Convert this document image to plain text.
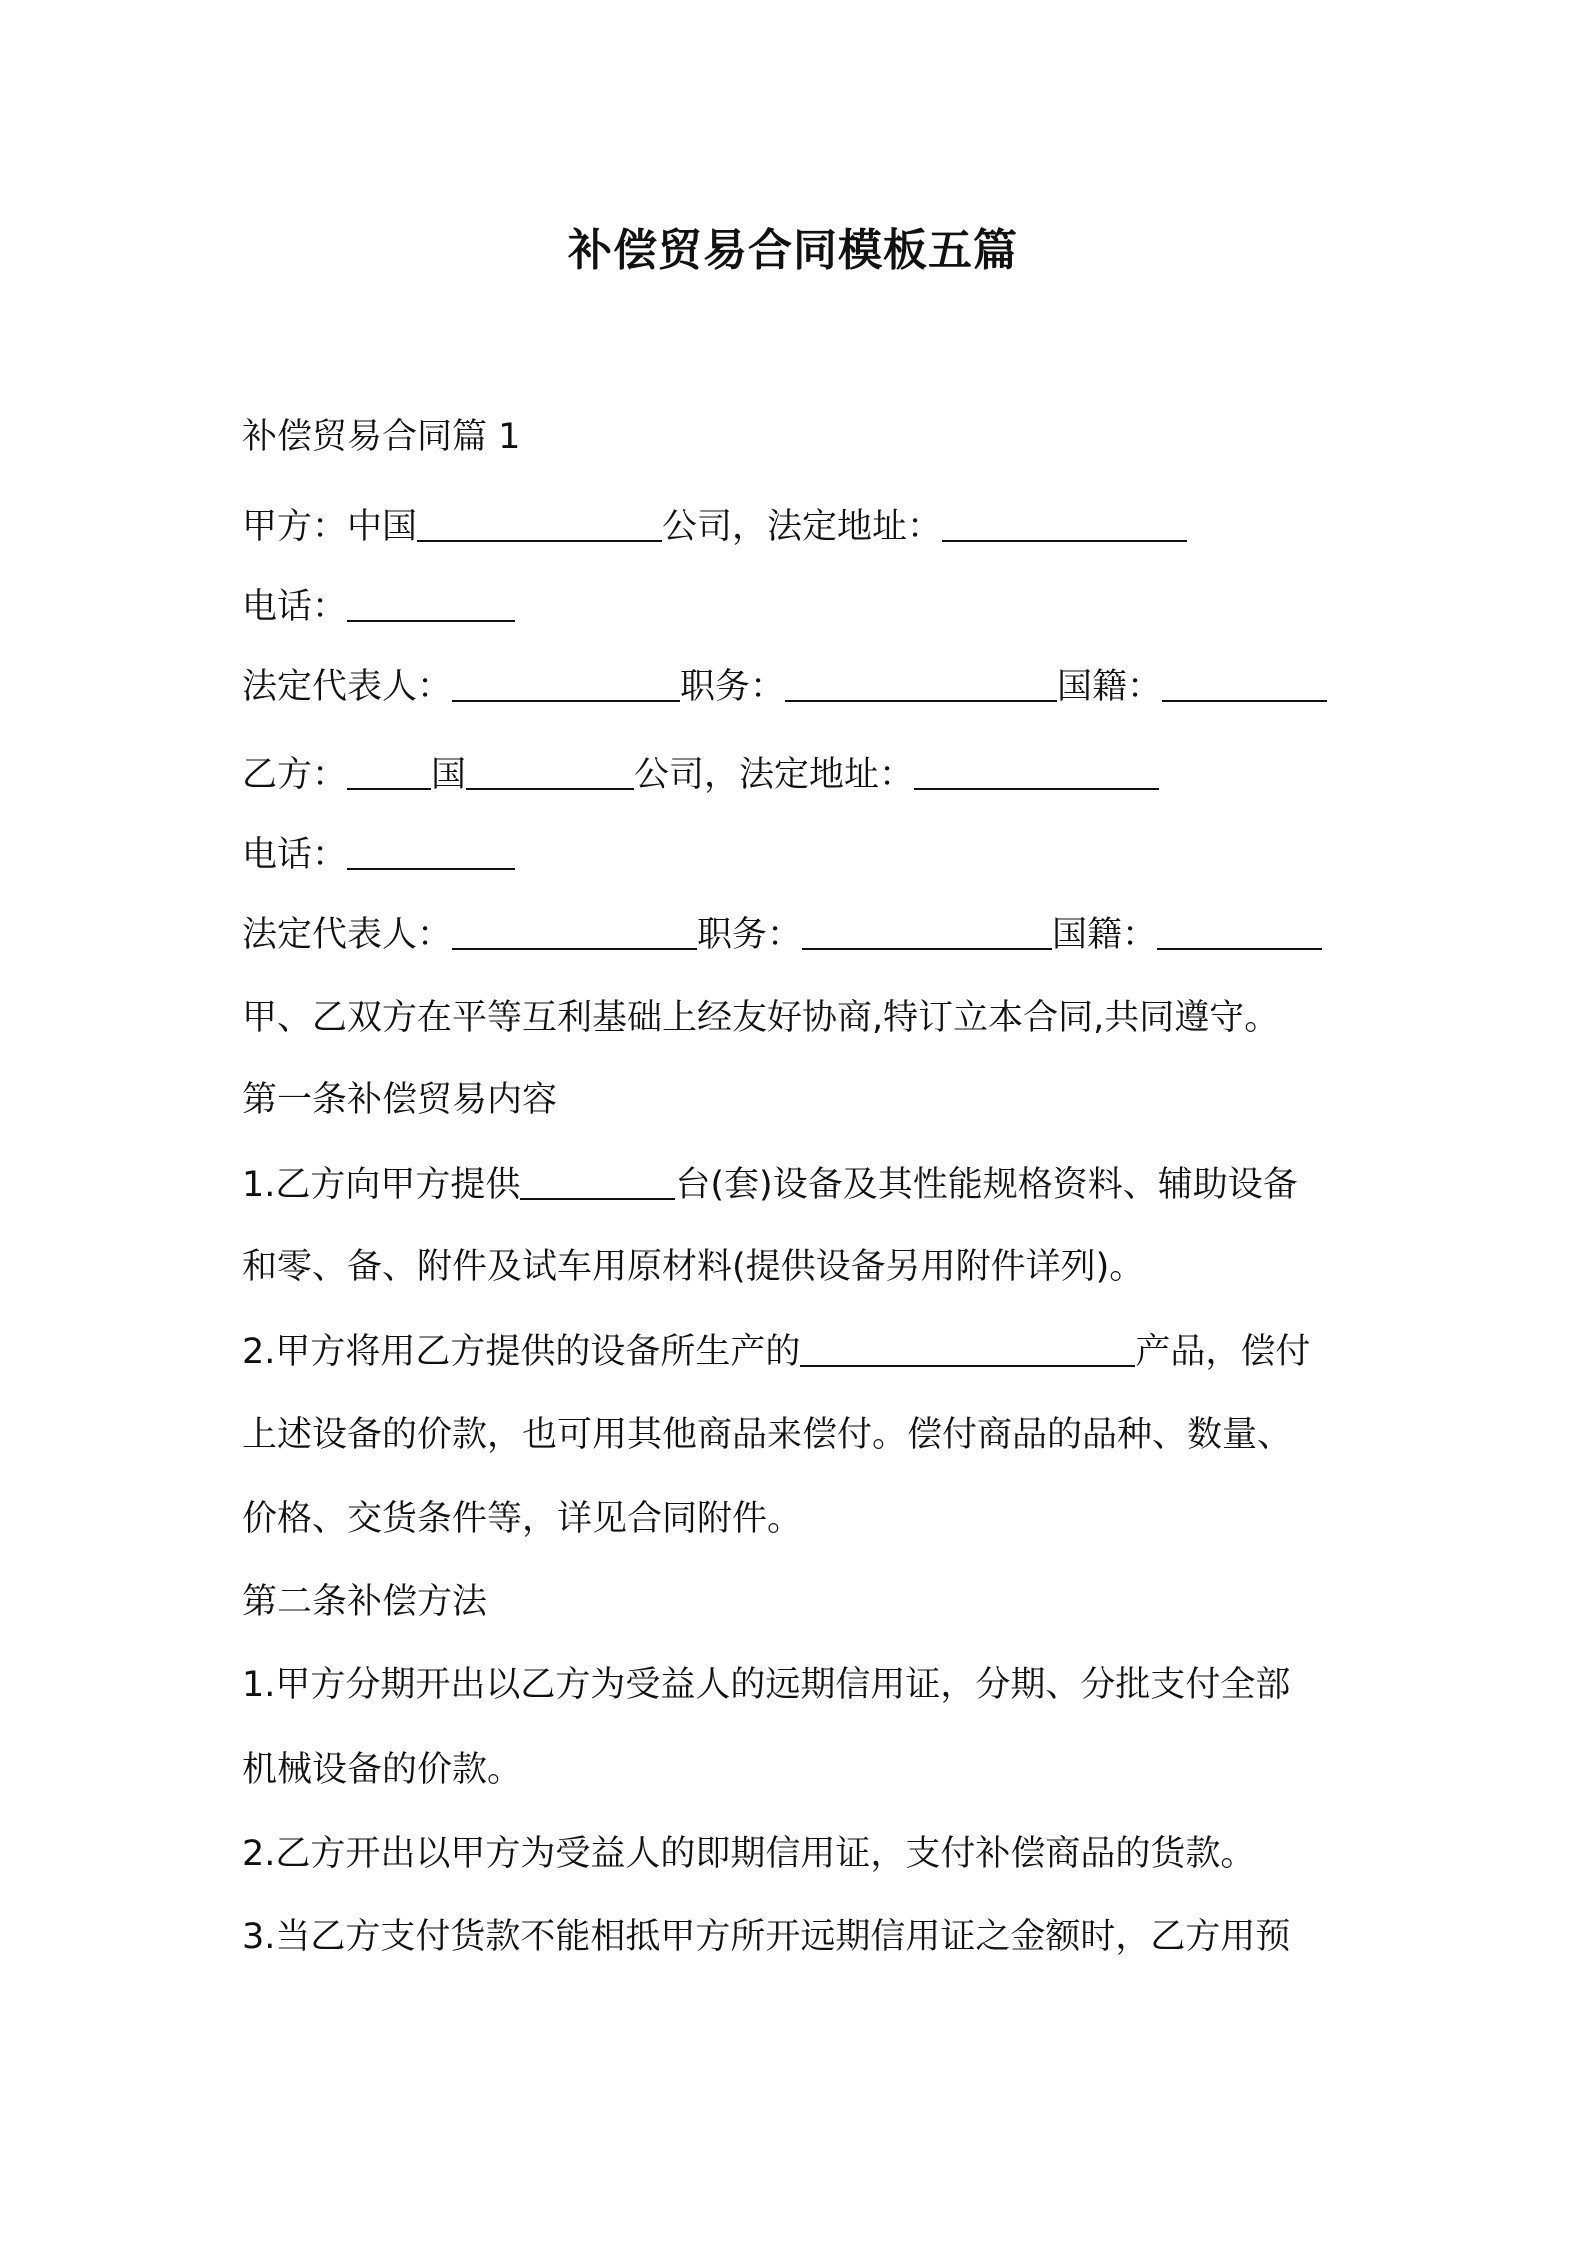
补偿贸易合同模板五篇
补偿贸易合同篇 1
甲方：中国	公司，法定地址：
电话：
法定代表人：	职务：	国籍：
乙方： 国	公司，法定地址：
电话：
法定代表人：	职务：	国籍：
甲、乙双方在平等互利基础上经友好协商,特订立本合同,共同遵守。
第一条补偿贸易内容
1.乙方向甲方提供	台(套)设备及其性能规格资料、辅助设备
和零、备、附件及试车用原材料(提供设备另用附件详列)。
2.甲方将用乙方提供的设备所生产的	产品，偿付
上述设备的价款，也可用其他商品来偿付。偿付商品的品种、数量、
价格、交货条件等，详见合同附件。
第二条补偿方法
1.甲方分期开出以乙方为受益人的远期信用证，分期、分批支付全部
机械设备的价款。
2.乙方开出以甲方为受益人的即期信用证，支付补偿商品的货款。
3.当乙方支付货款不能相抵甲方所开远期信用证之金额时，乙方用预
